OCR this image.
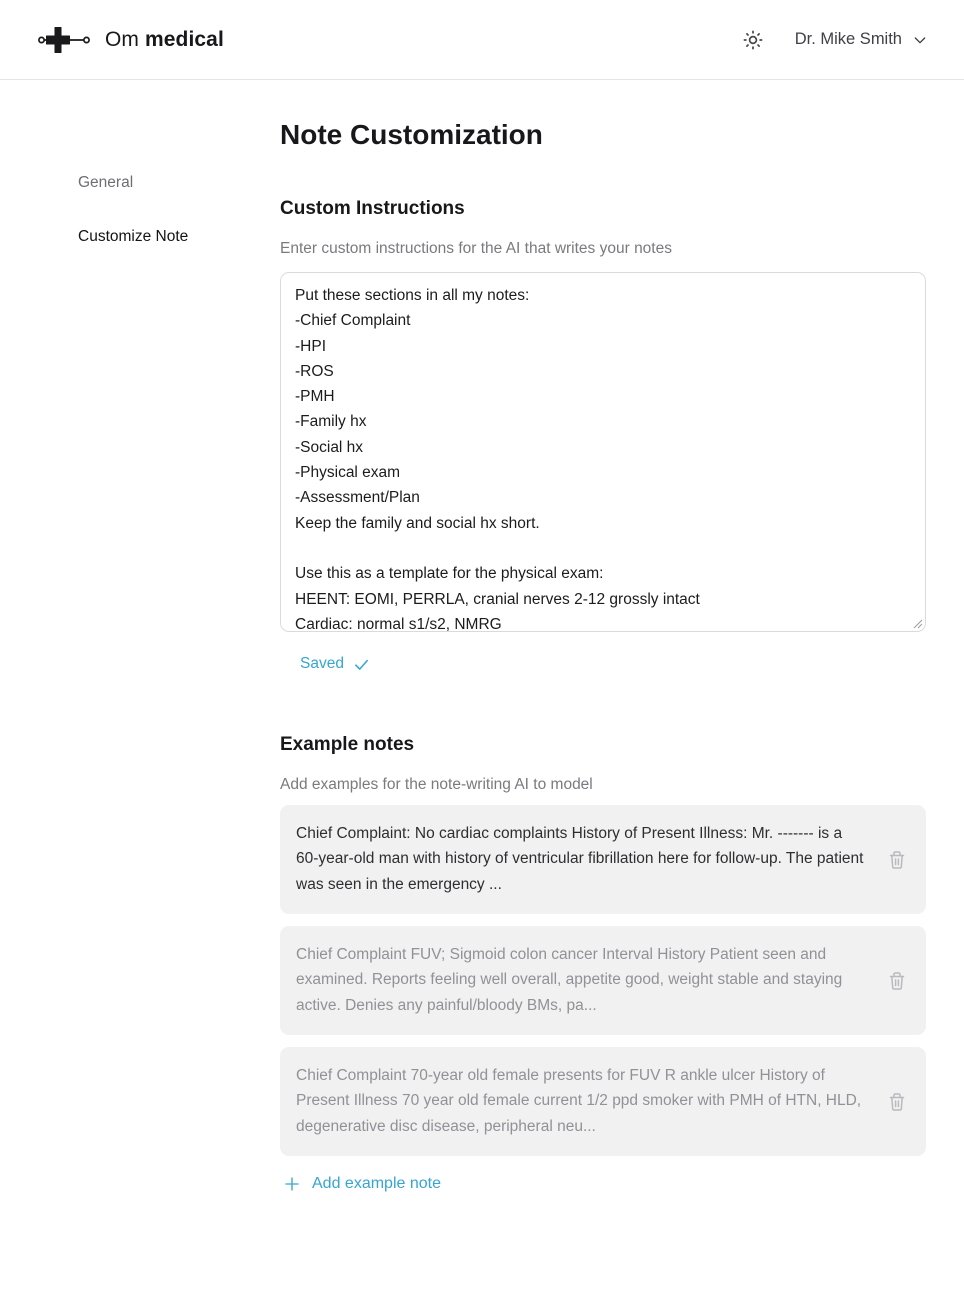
Om medical	Dr. Mike Smith
General
Customize Note
Note Customization
Custom Instructions

Enter custom instructions for the AI that writes your notes

Put these sections in all my notes: -Chief Complaint -HPI -ROS -PMH -Family hx -Social hx -Physical exam -Assessment/Plan Keep the family and social hx short. Use this as a template for the physical exam: HEENT: EOMI, PERRLA, cranial nerves 2-12 grossly intact Cardiac: normal s1/s2, NMRG
Saved
Example notes

Add examples for the note-writing AI to model

Chief Complaint: No cardiac complaints History of Present Illness: Mr. ------- is a 60-year-old man with history of ventricular fibrillation here for follow-up. The patient was seen in the emergency ...
Chief Complaint FUV; Sigmoid colon cancer Interval History Patient seen and examined. Reports feeling well overall, appetite good, weight stable and staying active. Denies any painful/bloody BMs, pa...
Chief Complaint 70-year old female presents for FUV R ankle ulcer History of Present Illness 70 year old female current 1/2 ppd smoker with PMH of HTN, HLD, degenerative disc disease, peripheral neu...
Add example note
